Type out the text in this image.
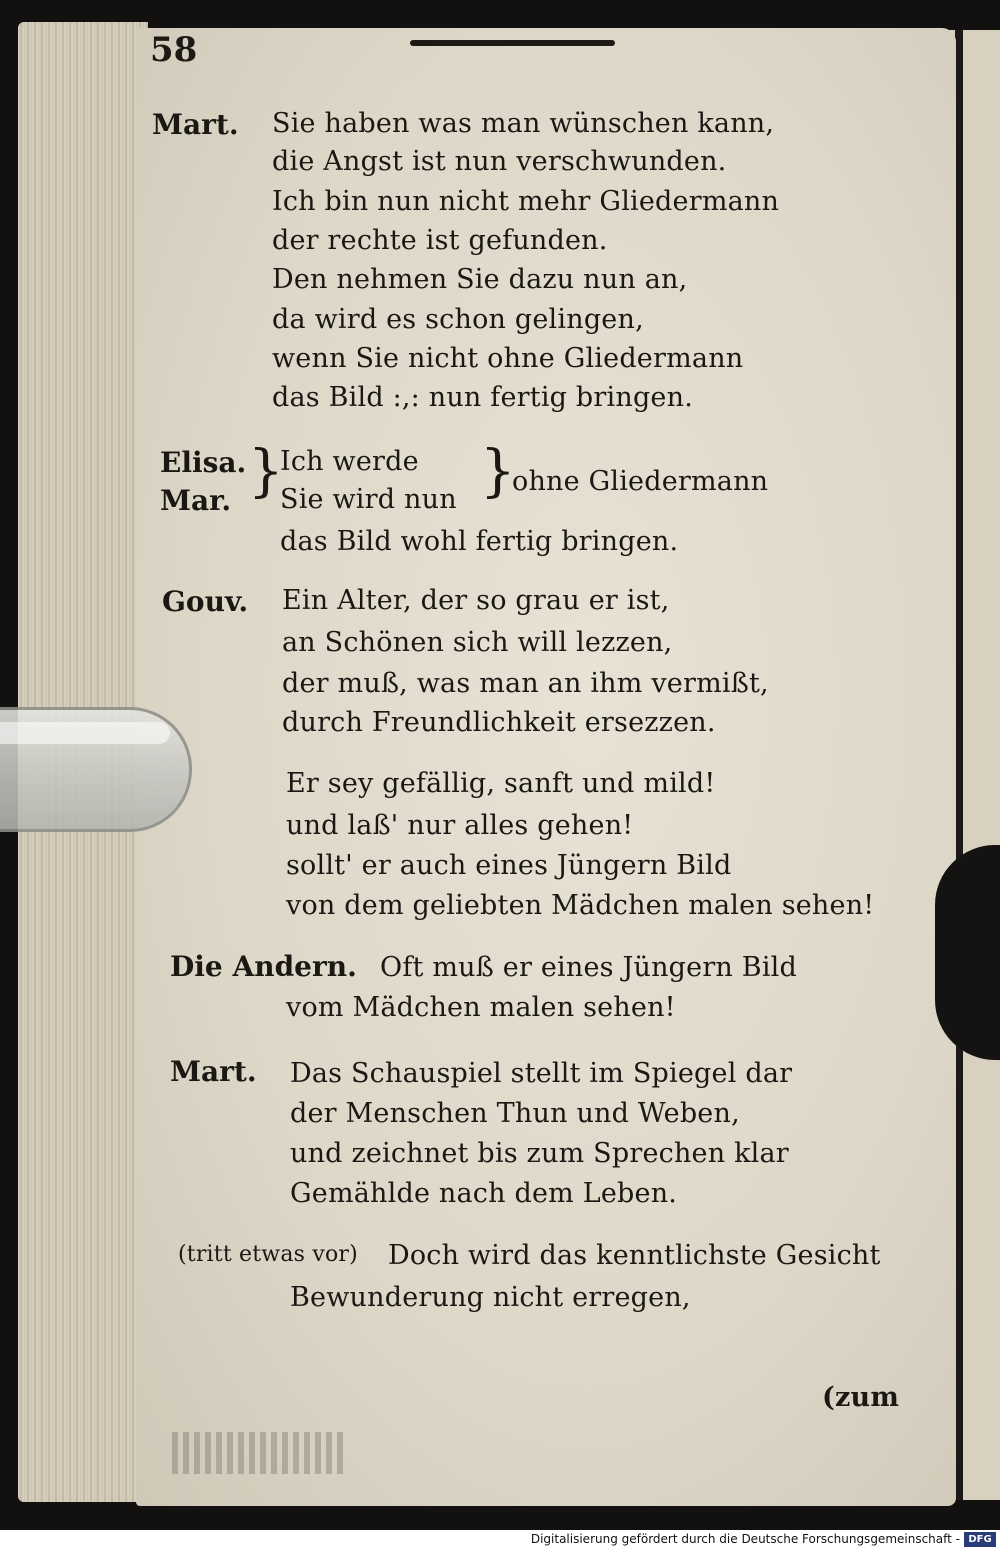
58
Mart. Sie haben was man wünschen kann,
die Angst ist nun verschwunden.
Ich bin nun nicht mehr Gliedermann
der rechte ist gefunden.
Den nehmen Sie dazu nun an,
da wird es schon gelingen,
wenn Sie nicht ohne Gliedermann
das Bild :,: nun fertig bringen.
Elisa.
Mar. }
Ich werde
Sie wird nun }
ohne Gliedermann
das Bild wohl fertig bringen.
Gouv. Ein Alter, der so grau er ist,
an Schönen sich will lezzen,
der muß, was man an ihm vermißt,
durch Freundlichkeit ersezzen.
Er sey gefällig, sanft und mild!
und laß' nur alles gehen!
sollt' er auch eines Jüngern Bild
von dem geliebten Mädchen malen sehen!
Die Andern. Oft muß er eines Jüngern Bild
vom Mädchen malen sehen!
Mart. Das Schauspiel stellt im Spiegel dar
der Menschen Thun und Weben,
und zeichnet bis zum Sprechen klar
Gemählde nach dem Leben.
(tritt etwas vor) Doch wird das kenntlichste Gesicht
Bewunderung nicht erregen,
(zum
Digitalisierung gefördert durch die Deutsche Forschungsgemeinschaft - DFG
